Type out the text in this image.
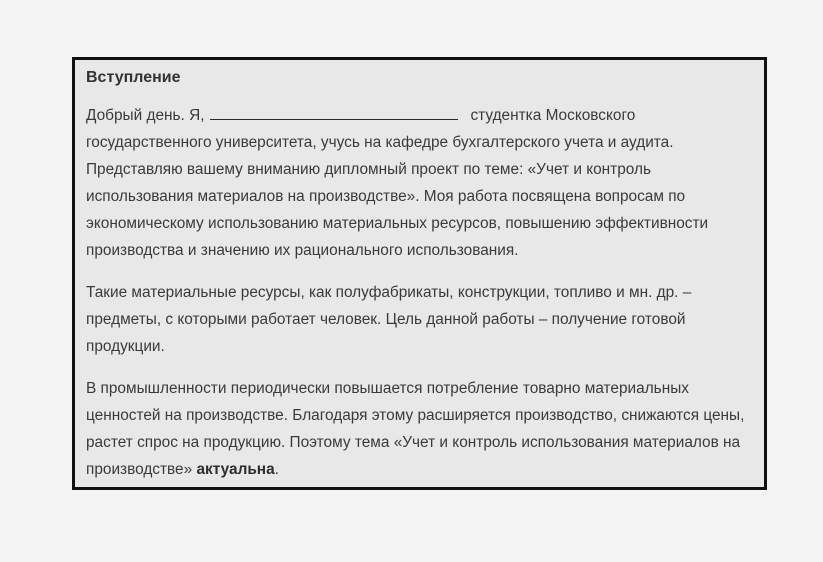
Вступление
Добрый день. Я,	студентка Московского государственного университета, учусь на кафедре бухгалтерского учета и аудита. Представляю вашему вниманию дипломный проект по теме: «Учет и контроль использования материалов на производстве». Моя работа посвящена вопросам по экономическому использованию материальных ресурсов, повышению эффективности производства и значению их рационального использования.
Такие материальные ресурсы, как полуфабрикаты, конструкции, топливо и мн. др. – предметы, с которыми работает человек. Цель данной работы – получение готовой продукции.
В промышленности периодически повышается потребление товарно материальных ценностей на производстве. Благодаря этому расширяется производство, снижаются цены, растет спрос на продукцию. Поэтому тема «Учет и контроль использования материалов на производстве» актуальна.
